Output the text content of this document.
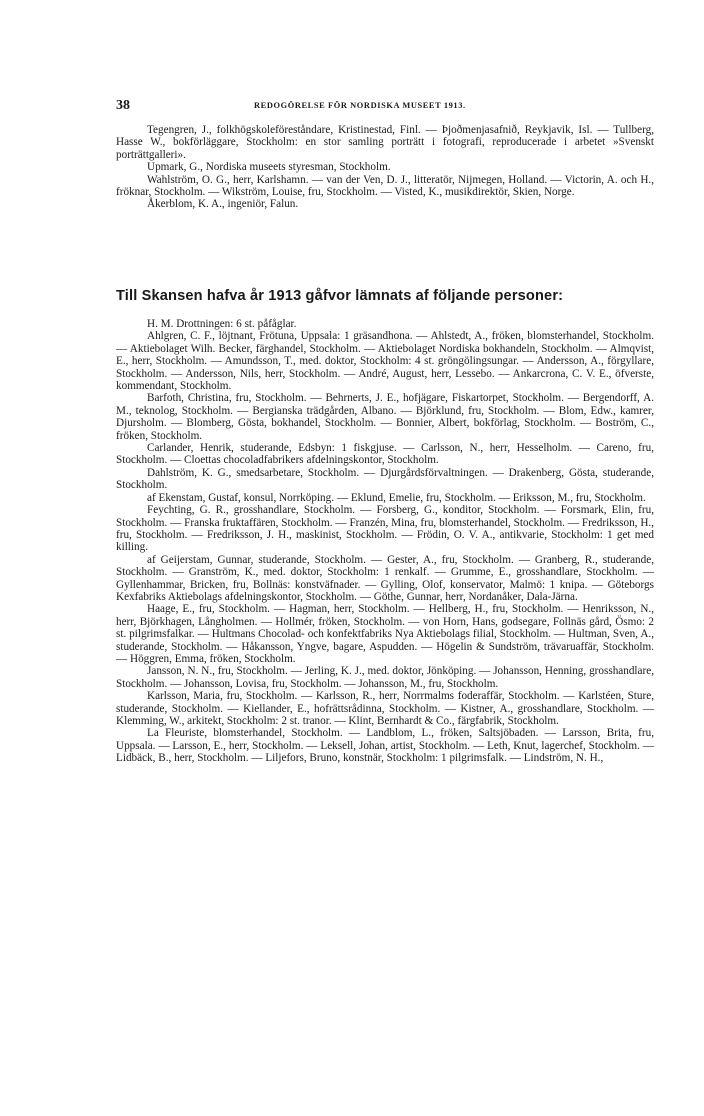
38	REDOGÖRELSE FÖR NORDISKA MUSEET 1913.

Tegengren, J., folkhögskoleföreståndare, Kristinestad, Finl. — Þjoðmenjasafnið, Reykjavik, Isl. — Tullberg, Hasse W., bokförläggare, Stockholm: en stor samling porträtt i fotografi, reproducerade i arbetet »Svenskt porträttgalleri».

Upmark, G., Nordiska museets styresman, Stockholm.

Wahlström, O. G., herr, Karlshamn. — van der Ven, D. J., litteratör, Nijmegen, Holland. — Victorin, A. och H., fröknar, Stockholm. — Wikström, Louise, fru, Stockholm. — Visted, K., musikdirektör, Skien, Norge.

Åkerblom, K. A., ingeniör, Falun.

Till Skansen hafva år 1913 gåfvor lämnats af följande personer:

H. M. Drottningen: 6 st. påfåglar.

Ahlgren, C. F., löjtnant, Frötuna, Uppsala: 1 gräsandhona. — Ahlstedt, A., fröken, blomsterhandel, Stockholm. — Aktiebolaget Wilh. Becker, färghandel, Stockholm. — Aktiebolaget Nordiska bokhandeln, Stockholm. — Almqvist, E., herr, Stockholm. — Amundsson, T., med. doktor, Stockholm: 4 st. gröngölingsungar. — Andersson, A., förgyllare, Stockholm. — Andersson, Nils, herr, Stockholm. — André, August, herr, Lessebo. — Ankarcrona, C. V. E., öfverste, kommendant, Stockholm.

Barfoth, Christina, fru, Stockholm. — Behrnerts, J. E., hofjägare, Fiskartorpet, Stockholm. — Bergendorff, A. M., teknolog, Stockholm. — Bergianska trädgården, Albano. — Björklund, fru, Stockholm. — Blom, Edw., kamrer, Djursholm. — Blomberg, Gösta, bokhandel, Stockholm. — Bonnier, Albert, bokförlag, Stockholm. — Boström, C., fröken, Stockholm.

Carlander, Henrik, studerande, Edsbyn: 1 fiskgjuse. — Carlsson, N., herr, Hesselholm. — Careno, fru, Stockholm. — Cloettas chocoladfabrikers afdelningskontor, Stockholm.

Dahlström, K. G., smedsarbetare, Stockholm. — Djurgårdsförvaltningen. — Drakenberg, Gösta, studerande, Stockholm.

af Ekenstam, Gustaf, konsul, Norrköping. — Eklund, Emelie, fru, Stockholm. — Eriksson, M., fru, Stockholm.

Feychting, G. R., grosshandlare, Stockholm. — Forsberg, G., konditor, Stockholm. — Forsmark, Elin, fru, Stockholm. — Franska fruktaffären, Stockholm. — Franzén, Mina, fru, blomsterhandel, Stockholm. — Fredriksson, H., fru, Stockholm. — Fredriksson, J. H., maskinist, Stockholm. — Frödin, O. V. A., antikvarie, Stockholm: 1 get med killing.

af Geijerstam, Gunnar, studerande, Stockholm. — Gester, A., fru, Stockholm. — Granberg, R., studerande, Stockholm. — Granström, K., med. doktor, Stockholm: 1 renkalf. — Grumme, E., grosshandlare, Stockholm. — Gyllenhammar, Bricken, fru, Bollnäs: konstväfnader. — Gylling, Olof, konservator, Malmö: 1 knipa. — Göteborgs Kexfabriks Aktiebolags afdelningskontor, Stockholm. — Göthe, Gunnar, herr, Nordanåker, Dala-Järna.

Haage, E., fru, Stockholm. — Hagman, herr, Stockholm. — Hellberg, H., fru, Stockholm. — Henriksson, N., herr, Björkhagen, Långholmen. — Hollmér, fröken, Stockholm. — von Horn, Hans, godsegare, Follnäs gård, Ösmo: 2 st. pilgrimsfalkar. — Hultmans Chocolad- och konfektfabriks Nya Aktiebolags filial, Stockholm. — Hultman, Sven, A., studerande, Stockholm. — Håkansson, Yngve, bagare, Aspudden. — Högelin & Sundström, trävaruaffär, Stockholm. — Höggren, Emma, fröken, Stockholm.

Jansson, N. N., fru, Stockholm. — Jerling, K. J., med. doktor, Jönköping. — Johansson, Henning, grosshandlare, Stockholm. — Johansson, Lovisa, fru, Stockholm. — Johansson, M., fru, Stockholm.

Karlsson, Maria, fru, Stockholm. — Karlsson, R., herr, Norrmalms foderaffär, Stockholm. — Karlstéen, Sture, studerande, Stockholm. — Kiellander, E., hofrättsrådinna, Stockholm. — Kistner, A., grosshandlare, Stockholm. — Klemming, W., arkitekt, Stockholm: 2 st. tranor. — Klint, Bernhardt & Co., färgfabrik, Stockholm.

La Fleuriste, blomsterhandel, Stockholm. — Landblom, L., fröken, Saltsjöbaden. — Larsson, Brita, fru, Uppsala. — Larsson, E., herr, Stockholm. — Leksell, Johan, artist, Stockholm. — Leth, Knut, lagerchef, Stockholm. — Lidbäck, B., herr, Stockholm. — Liljefors, Bruno, konstnär, Stockholm: 1 pilgrimsfalk. — Lindström, N. H.,
